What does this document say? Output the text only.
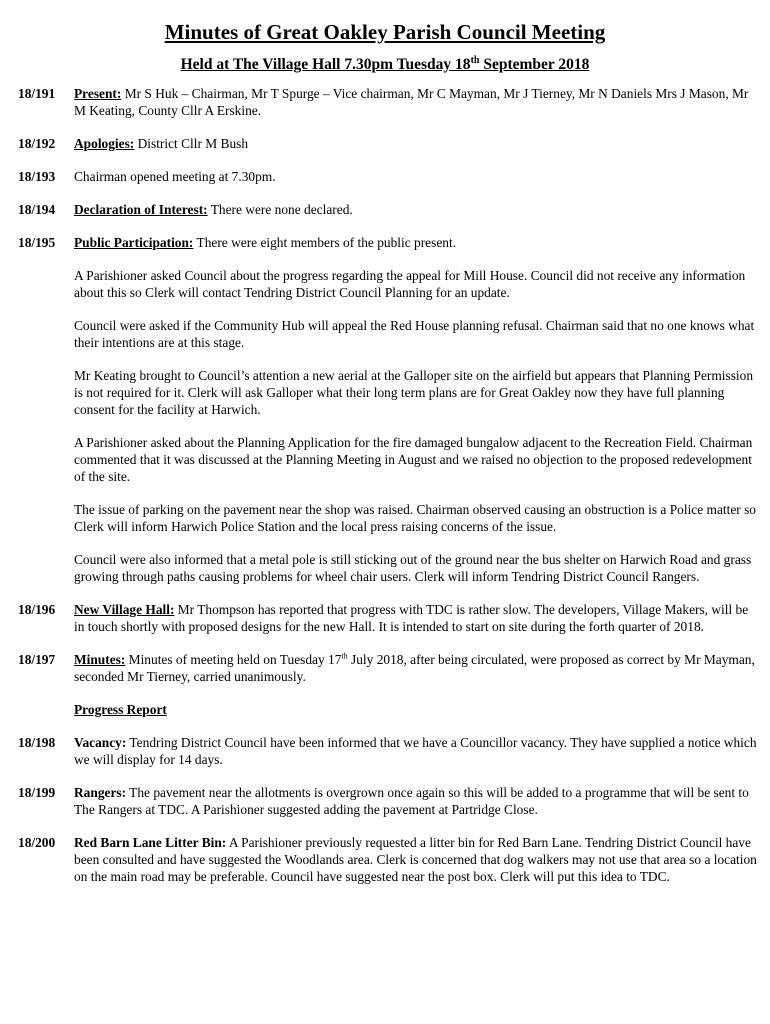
Minutes of Great Oakley Parish Council Meeting
Held at The Village Hall 7.30pm Tuesday 18th September 2018
18/191	Present: Mr S Huk – Chairman, Mr T Spurge – Vice chairman, Mr C Mayman, Mr J Tierney, Mr N Daniels Mrs J Mason, Mr M Keating, County Cllr A Erskine.
18/192	Apologies: District Cllr M Bush
18/193	Chairman opened meeting at 7.30pm.
18/194	Declaration of Interest: There were none declared.
18/195	Public Participation: There were eight members of the public present.

A Parishioner asked Council about the progress regarding the appeal for Mill House. Council did not receive any information about this so Clerk will contact Tendring District Council Planning for an update.

Council were asked if the Community Hub will appeal the Red House planning refusal. Chairman said that no one knows what their intentions are at this stage.

Mr Keating brought to Council’s attention a new aerial at the Galloper site on the airfield but appears that Planning Permission is not required for it. Clerk will ask Galloper what their long term plans are for Great Oakley now they have full planning consent for the facility at Harwich.

A Parishioner asked about the Planning Application for the fire damaged bungalow adjacent to the Recreation Field. Chairman commented that it was discussed at the Planning Meeting in August and we raised no objection to the proposed redevelopment of the site.

The issue of parking on the pavement near the shop was raised. Chairman observed causing an obstruction is a Police matter so Clerk will inform Harwich Police Station and the local press raising concerns of the issue.

Council were also informed that a metal pole is still sticking out of the ground near the bus shelter on Harwich Road and grass growing through paths causing problems for wheel chair users. Clerk will inform Tendring District Council Rangers.

18/196	New Village Hall: Mr Thompson has reported that progress with TDC is rather slow. The developers, Village Makers, will be in touch shortly with proposed designs for the new Hall. It is intended to start on site during the forth quarter of 2018.
18/197	Minutes: Minutes of meeting held on Tuesday 17th July 2018, after being circulated, were proposed as correct by Mr Mayman, seconded Mr Tierney, carried unanimously.
Progress Report
18/198	Vacancy: Tendring District Council have been informed that we have a Councillor vacancy. They have supplied a notice which we will display for 14 days.
18/199	Rangers: The pavement near the allotments is overgrown once again so this will be added to a programme that will be sent to The Rangers at TDC. A Parishioner suggested adding the pavement at Partridge Close.
18/200	Red Barn Lane Litter Bin: A Parishioner previously requested a litter bin for Red Barn Lane. Tendring District Council have been consulted and have suggested the Woodlands area. Clerk is concerned that dog walkers may not use that area so a location on the main road may be preferable. Council have suggested near the post box. Clerk will put this idea to TDC.
